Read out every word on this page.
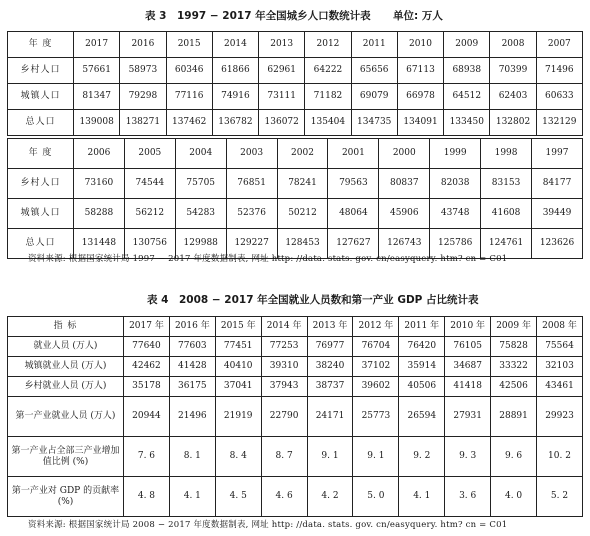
表 3　1997 − 2017 年全国城乡人口数统计表 单位: 万人
年 度	2017	2016	2015	2014	2013	2012	2011	2010	2009	2008	2007
乡村人口	57661	58973	60346	61866	62961	64222	65656	67113	68938	70399	71496
城镇人口	81347	79298	77116	74916	73111	71182	69079	66978	64512	62403	60633
总人口	139008	138271	137462	136782	136072	135404	134735	134091	133450	132802	132129
年 度	2006	2005	2004	2003	2002	2001	2000	1999	1998	1997
乡村人口	73160	74544	75705	76851	78241	79563	80837	82038	83153	84177
城镇人口	58288	56212	54283	52376	50212	48064	45906	43748	41608	39449
总人口	131448	130756	129988	129227	128453	127627	126743	125786	124761	123626
资料来源: 根据国家统计局 1997 − 2017 年度数据制表, 网址 http: //data. stats. gov. cn/easyquery. htm? cn = C01
表 4　2008 − 2017 年全国就业人员数和第一产业 GDP 占比统计表
指 标	2017 年	2016 年	2015 年	2014 年	2013 年	2012 年	2011 年	2010 年	2009 年	2008 年
就业人员 (万人)	77640	77603	77451	77253	76977	76704	76420	76105	75828	75564
城镇就业人员 (万人)	42462	41428	40410	39310	38240	37102	35914	34687	33322	32103
乡村就业人员 (万人)	35178	36175	37041	37943	38737	39602	40506	41418	42506	43461
第一产业就业人员 (万人)	20944	21496	21919	22790	24171	25773	26594	27931	28891	29923
第一产业占全部三产业增加值比例 (%)	7. 6	8. 1	8. 4	8. 7	9. 1	9. 1	9. 2	9. 3	9. 6	10. 2
第一产业对 GDP 的贡献率 (%)	4. 8	4. 1	4. 5	4. 6	4. 2	5. 0	4. 1	3. 6	4. 0	5. 2
资料来源: 根据国家统计局 2008 − 2017 年度数据制表, 网址 http: //data. stats. gov. cn/easyquery. htm? cn = C01
